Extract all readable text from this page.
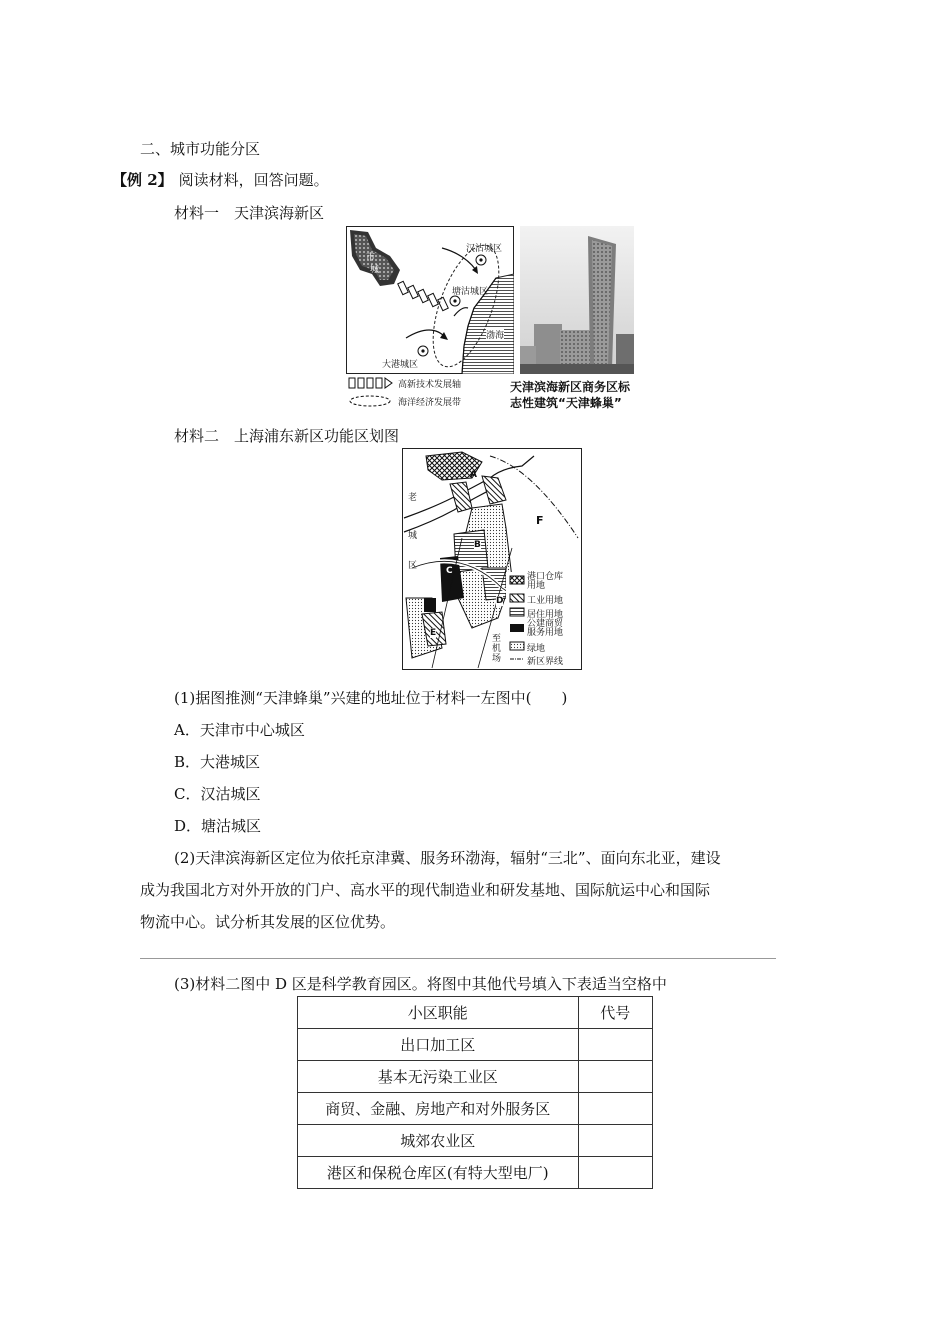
二、城市功能分区
【例 2】 阅读材料，回答问题。
材料一　天津滨海新区
市
城
汉沽城区
塘沽城区
大港城区
渤海
高新技术发展轴
海洋经济发展带
天津滨海新区商务区标
志性建筑“天津蜂巢”
材料二　上海浦东新区功能区划图
老
城
区
A
B
C
D
E
F
至
机
场
港口仓库
用地
工业用地
居住用地
公建商贸
服务用地
绿地
新区界线
(1)据图推测“天津蜂巢”兴建的地址位于材料一左图中(　　)
A．天津市中心城区
B．大港城区
C．汉沽城区
D．塘沽城区
(2)天津滨海新区定位为依托京津冀、服务环渤海，辐射“三北”、面向东北亚，建设
成为我国北方对外开放的门户、高水平的现代制造业和研发基地、国际航运中心和国际
物流中心。试分析其发展的区位优势。
(3)材料二图中 D 区是科学教育园区。将图中其他代号填入下表适当空格中
小区职能	代号
出口加工区	
基本无污染工业区	
商贸、金融、房地产和对外服务区	
城郊农业区	
港区和保税仓库区(有特大型电厂)	
